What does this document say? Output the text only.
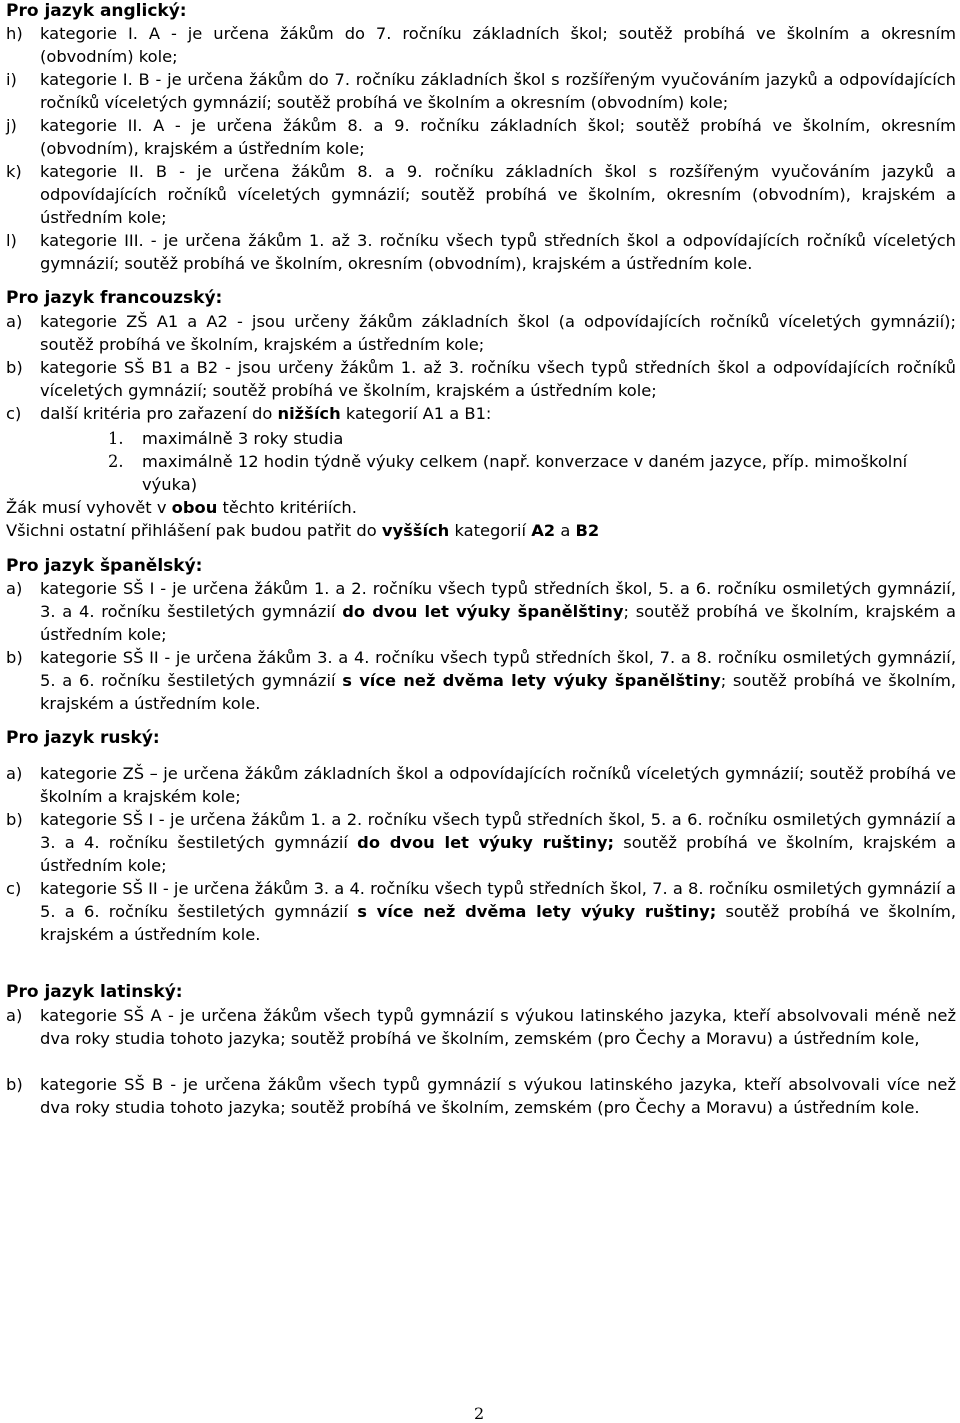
Pro jazyk anglický:
h) kategorie I. A - je určena žákům do 7. ročníku základních škol; soutěž probíhá ve školním a okresním (obvodním) kole;
i) kategorie I. B - je určena žákům do 7. ročníku základních škol s rozšířeným vyučováním jazyků a odpovídajících ročníků víceletých gymnázií; soutěž probíhá ve školním a okresním (obvodním) kole;
j) kategorie II. A - je určena žákům 8. a 9. ročníku základních škol; soutěž probíhá ve školním, okresním (obvodním), krajském a ústředním kole;
k) kategorie II. B - je určena žákům 8. a 9. ročníku základních škol s rozšířeným vyučováním jazyků a odpovídajících ročníků víceletých gymnázií; soutěž probíhá ve školním, okresním (obvodním), krajském a ústředním kole;
l) kategorie III. - je určena žákům 1. až 3. ročníku všech typů středních škol a odpovídajících ročníků víceletých gymnázií; soutěž probíhá ve školním, okresním (obvodním), krajském a ústředním kole.
Pro jazyk francouzský:
a) kategorie ZŠ A1 a A2 - jsou určeny žákům základních škol (a odpovídajících ročníků víceletých gymnázií); soutěž probíhá ve školním, krajském a ústředním kole;
b) kategorie SŠ B1 a B2 - jsou určeny žákům 1. až 3. ročníku všech typů středních škol a odpovídajících ročníků víceletých gymnázií; soutěž probíhá ve školním, krajském a ústředním kole;
c) další kritéria pro zařazení do nižších kategorií A1 a B1:
1. maximálně 3 roky studia
2. maximálně 12 hodin týdně výuky celkem (např. konverzace v daném jazyce, příp. mimoškolní výuka)
Žák musí vyhovět v obou těchto kritériích.
Všichni ostatní přihlášení pak budou patřit do vyšších kategorií A2 a B2
Pro jazyk španělský:
a) kategorie SŠ I - je určena žákům 1. a 2. ročníku všech typů středních škol, 5. a 6. ročníku osmiletých gymnázií, 3. a 4. ročníku šestiletých gymnázií do dvou let výuky španělštiny; soutěž probíhá ve školním, krajském a ústředním kole;
b) kategorie SŠ II - je určena žákům 3. a 4. ročníku všech typů středních škol, 7. a 8. ročníku osmiletých gymnázií, 5. a 6. ročníku šestiletých gymnázií s více než dvěma lety výuky španělštiny; soutěž probíhá ve školním, krajském a ústředním kole.
Pro jazyk ruský:
a) kategorie ZŠ – je určena žákům základních škol a odpovídajících ročníků víceletých gymnázií; soutěž probíhá ve školním a krajském kole;
b) kategorie SŠ I - je určena žákům 1. a 2. ročníku všech typů středních škol, 5. a 6. ročníku osmiletých gymnázií a 3. a 4. ročníku šestiletých gymnázií do dvou let výuky ruštiny; soutěž probíhá ve školním, krajském a ústředním kole;
c) kategorie SŠ II - je určena žákům 3. a 4. ročníku všech typů středních škol, 7. a 8. ročníku osmiletých gymnázií a 5. a 6. ročníku šestiletých gymnázií s více než dvěma lety výuky ruštiny; soutěž probíhá ve školním, krajském a ústředním kole.
Pro jazyk latinský:
a) kategorie SŠ A - je určena žákům všech typů gymnázií s výukou latinského jazyka, kteří absolvovali méně než dva roky studia tohoto jazyka; soutěž probíhá ve školním, zemském (pro Čechy a Moravu) a ústředním kole,
b) kategorie SŠ B - je určena žákům všech typů gymnázií s výukou latinského jazyka, kteří absolvovali více než dva roky studia tohoto jazyka; soutěž probíhá ve školním, zemském (pro Čechy a Moravu) a ústředním kole.
2
